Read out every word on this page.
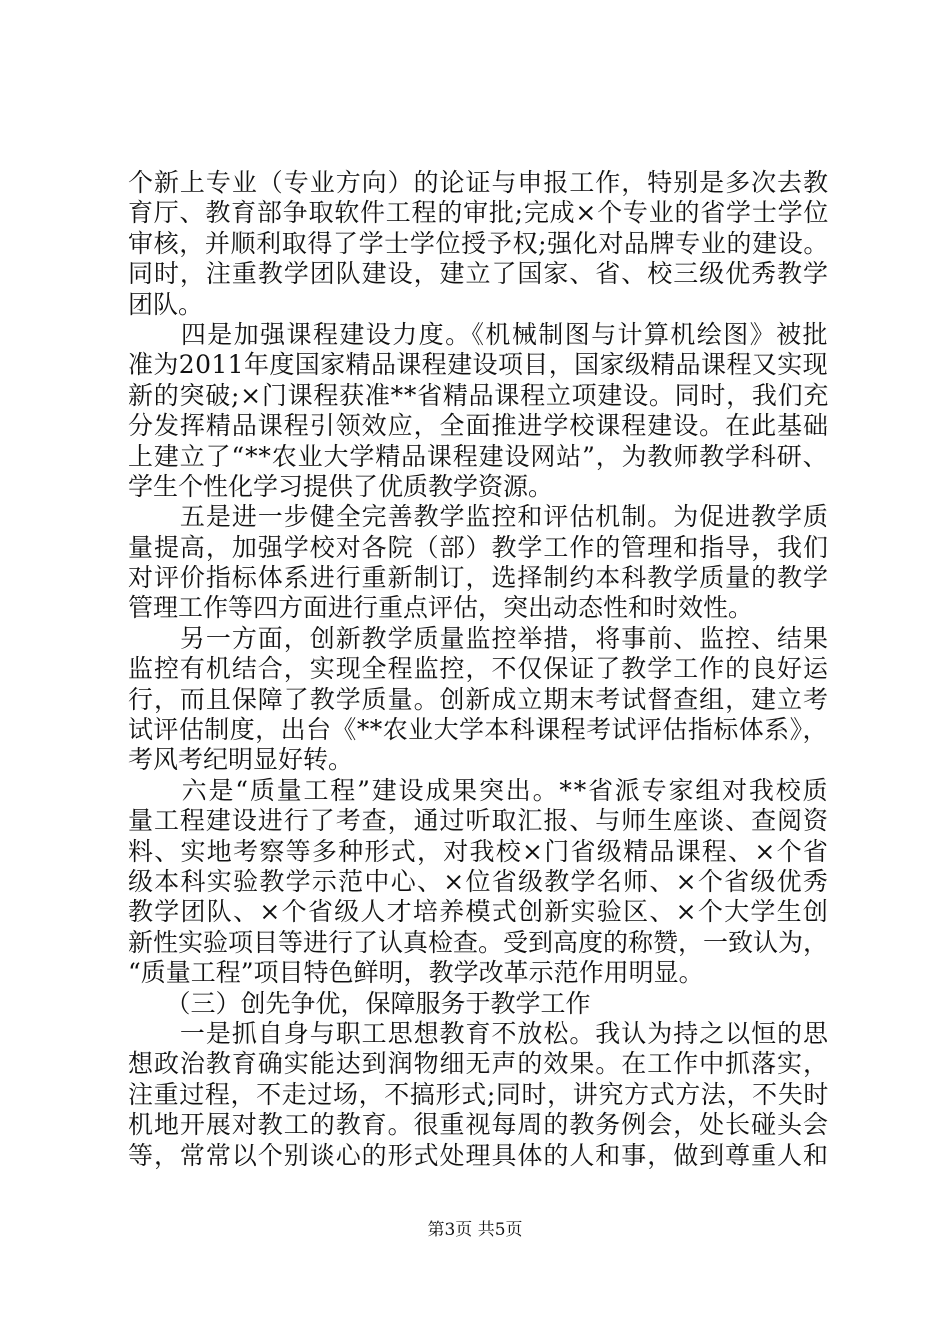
个新上专业（专业方向）的论证与申报工作，特别是多次去教
育厅、教育部争取软件工程的审批;完成×个专业的省学士学位
审核，并顺利取得了学士学位授予权;强化对品牌专业的建设。
同时，注重教学团队建设，建立了国家、省、校三级优秀教学
团队。
　　四是加强课程建设力度。《机械制图与计算机绘图》被批
准为2011年度国家精品课程建设项目，国家级精品课程又实现
新的突破;×门课程获准**省精品课程立项建设。同时，我们充
分发挥精品课程引领效应，全面推进学校课程建设。在此基础
上建立了“**农业大学精品课程建设网站”，为教师教学科研、
学生个性化学习提供了优质教学资源。
　　五是进一步健全完善教学监控和评估机制。为促进教学质
量提高，加强学校对各院（部）教学工作的管理和指导，我们
对评价指标体系进行重新制订，选择制约本科教学质量的教学
管理工作等四方面进行重点评估，突出动态性和时效性。
　　另一方面，创新教学质量监控举措，将事前、监控、结果
监控有机结合，实现全程监控，不仅保证了教学工作的良好运
行，而且保障了教学质量。创新成立期末考试督查组，建立考
试评估制度，出台《**农业大学本科课程考试评估指标体系》，
考风考纪明显好转。
　　六是“质量工程”建设成果突出。**省派专家组对我校质
量工程建设进行了考查，通过听取汇报、与师生座谈、查阅资
料、实地考察等多种形式，对我校×门省级精品课程、×个省
级本科实验教学示范中心、×位省级教学名师、×个省级优秀
教学团队、×个省级人才培养模式创新实验区、×个大学生创
新性实验项目等进行了认真检查。受到高度的称赞，一致认为，
“质量工程”项目特色鲜明，教学改革示范作用明显。
　　（三）创先争优，保障服务于教学工作
　　一是抓自身与职工思想教育不放松。我认为持之以恒的思
想政治教育确实能达到润物细无声的效果。在工作中抓落实，
注重过程，不走过场，不搞形式;同时，讲究方式方法，不失时
机地开展对教工的教育。很重视每周的教务例会，处长碰头会
等，常常以个别谈心的形式处理具体的人和事，做到尊重人和
第3页 共5页
